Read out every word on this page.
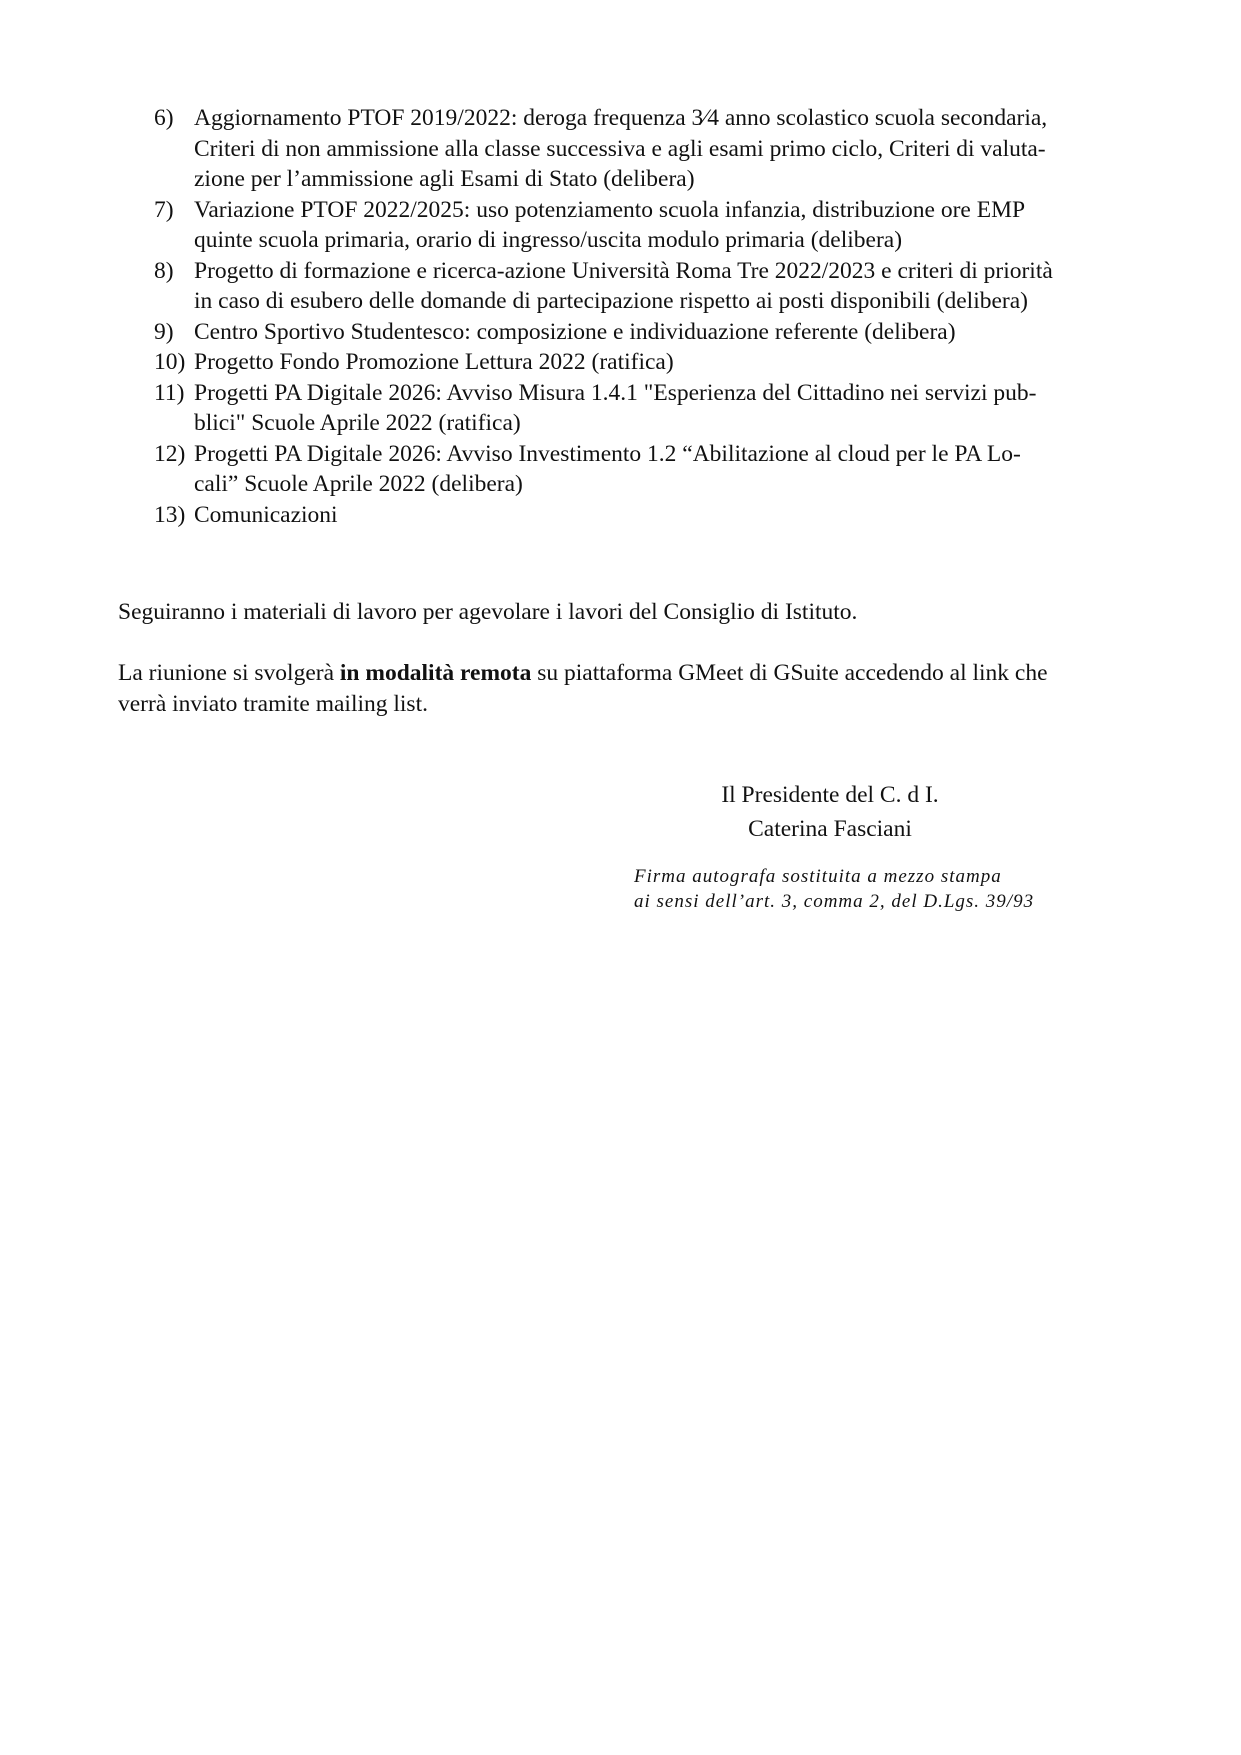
6) Aggiornamento PTOF 2019/2022: deroga frequenza 3⁄4 anno scolastico scuola secondaria,
Criteri di non ammissione alla classe successiva e agli esami primo ciclo, Criteri di valuta-
zione per l’ammissione agli Esami di Stato (delibera)
7) Variazione PTOF 2022/2025: uso potenziamento scuola infanzia, distribuzione ore EMP
quinte scuola primaria, orario di ingresso/uscita modulo primaria (delibera)
8) Progetto di formazione e ricerca-azione Università Roma Tre 2022/2023 e criteri di priorità
in caso di esubero delle domande di partecipazione rispetto ai posti disponibili (delibera)
9) Centro Sportivo Studentesco: composizione e individuazione referente (delibera)
10) Progetto Fondo Promozione Lettura 2022 (ratifica)
11) Progetti PA Digitale 2026: Avviso Misura 1.4.1 "Esperienza del Cittadino nei servizi pub-
blici" Scuole Aprile 2022 (ratifica)
12) Progetti PA Digitale 2026: Avviso Investimento 1.2 “Abilitazione al cloud per le PA Lo-
cali” Scuole Aprile 2022 (delibera)
13) Comunicazioni

Seguiranno i materiali di lavoro per agevolare i lavori del Consiglio di Istituto.

La riunione si svolgerà in modalità remota su piattaforma GMeet di GSuite accedendo al link che
verrà inviato tramite mailing list.

Il Presidente del C. d I.

Caterina Fasciani

Firma autografa sostituita a mezzo stampa
ai sensi dell’art. 3, comma 2, del D.Lgs. 39/93
